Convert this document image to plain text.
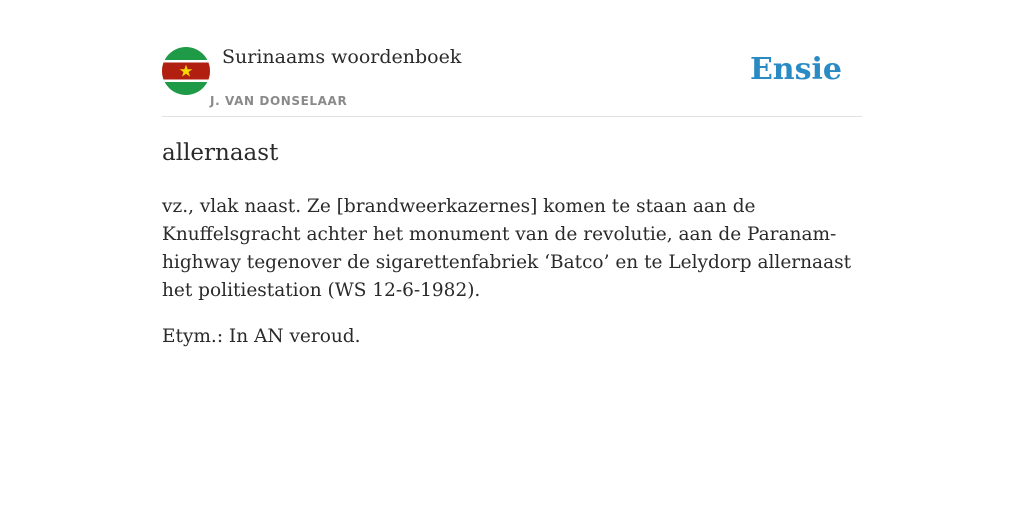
Surinaams woordenboek
J. VAN DONSELAAR
Ensie
allernaast

vz., vlak naast. Ze [brandweerkazernes] komen te staan aan de Knuffelsgracht achter het monument van de revolutie, aan de Paranam-highway tegenover de sigarettenfabriek ‘Batco’ en te Lelydorp allernaast het politiestation (WS 12-6-1982).

Etym.: In AN veroud.
